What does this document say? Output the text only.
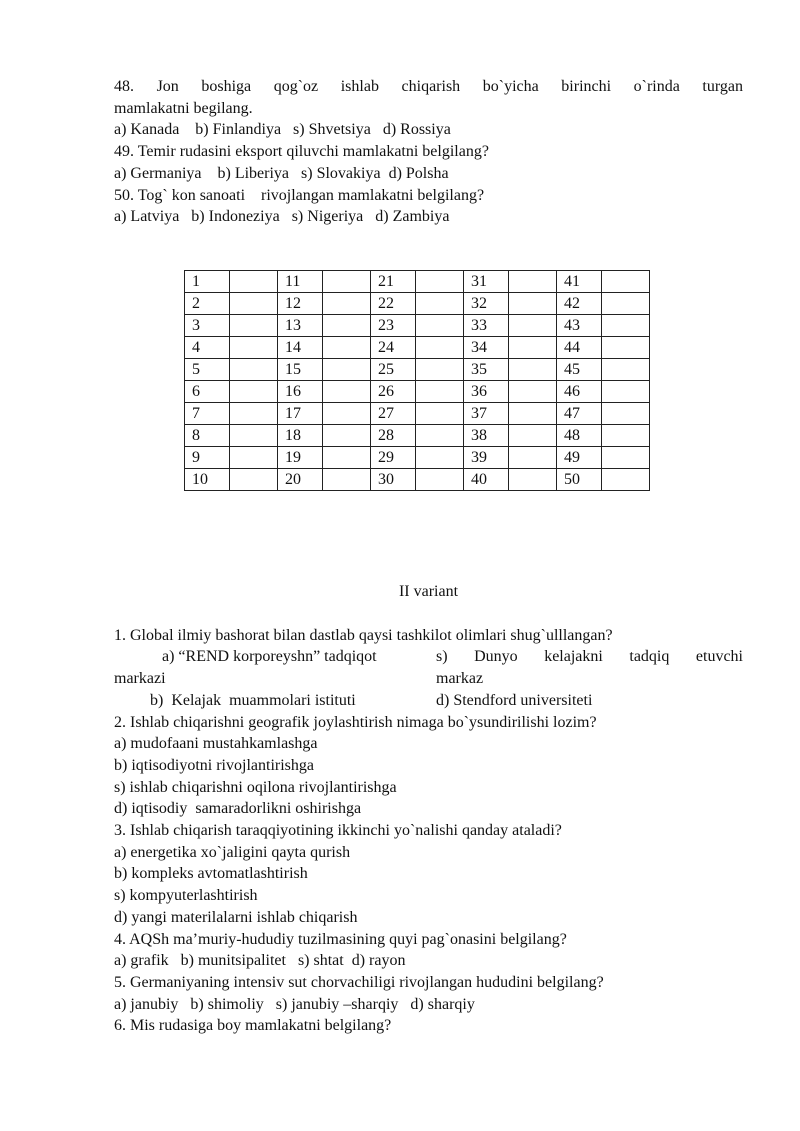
48. Jon boshiga qog`oz ishlab chiqarish bo`yicha birinchi o`rinda turgan
mamlakatni begilang.
a) Kanada    b) Finlandiya   s) Shvetsiya   d) Rossiya
49. Temir rudasini eksport qiluvchi mamlakatni belgilang?
a) Germaniya    b) Liberiya   s) Slovakiya  d) Polsha
50. Tog` kon sanoati    rivojlangan mamlakatni belgilang?
a) Latviya   b) Indoneziya   s) Nigeriya   d) Zambiya
1		11		21		31		41	
2		12		22		32		42	
3		13		23		33		43	
4		14		24		34		44	
5		15		25		35		45	
6		16		26		36		46	
7		17		27		37		47	
8		18		28		38		48	
9		19		29		39		49	
10		20		30		40		50	
II variant
1. Global ilmiy bashorat bilan dastlab qaysi tashkilot olimlari shug`ulllangan?
a) “REND korporeyshn” tadqiqot	s) Dunyo kelajakni tadqiq etuvchi
markazi	markaz
b)  Kelajak  muammolari istituti	d) Stendford universiteti
2. Ishlab chiqarishni geografik joylashtirish nimaga bo`ysundirilishi lozim?
a) mudofaani mustahkamlashga
b) iqtisodiyotni rivojlantirishga
s) ishlab chiqarishni oqilona rivojlantirishga
d) iqtisodiy  samaradorlikni oshirishga
3. Ishlab chiqarish taraqqiyotining ikkinchi yo`nalishi qanday ataladi?
a) energetika xo`jaligini qayta qurish
b) kompleks avtomatlashtirish
s) kompyuterlashtirish
d) yangi materilalarni ishlab chiqarish
4. AQSh ma’muriy-hududiy tuzilmasining quyi pag`onasini belgilang?
a) grafik   b) munitsipalitet   s) shtat  d) rayon
5. Germaniyaning intensiv sut chorvachiligi rivojlangan hududini belgilang?
a) janubiy   b) shimoliy   s) janubiy –sharqiy   d) sharqiy
6. Mis rudasiga boy mamlakatni belgilang?
